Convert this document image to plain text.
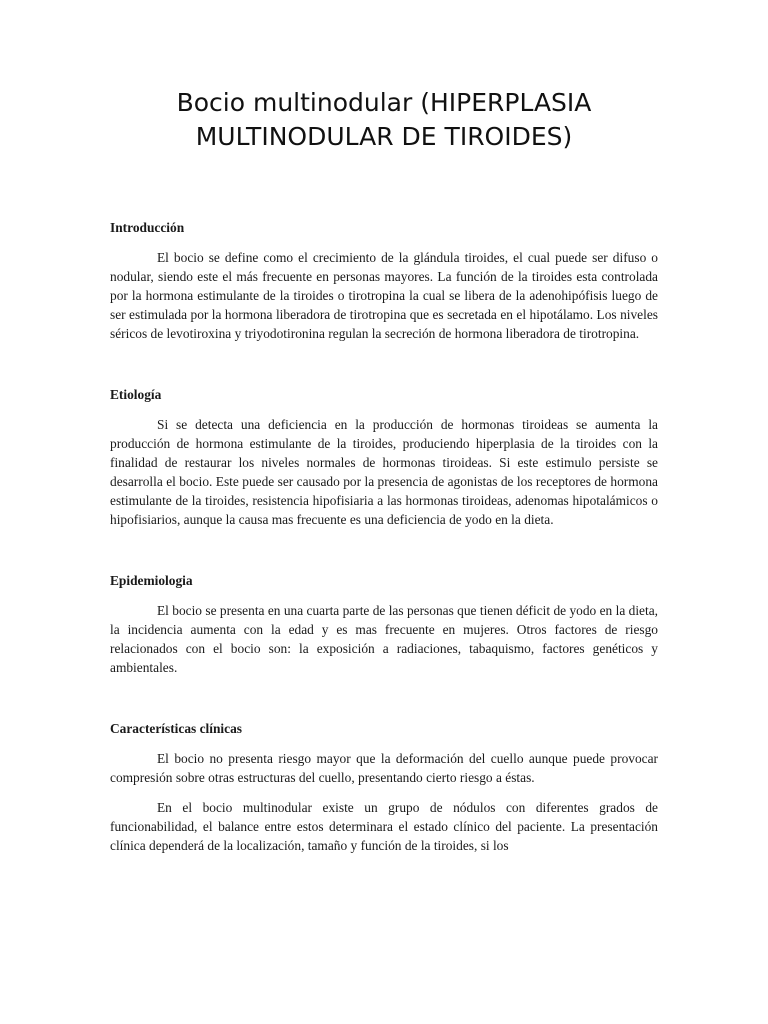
Bocio multinodular (HIPERPLASIA
MULTINODULAR DE TIROIDES)

Introducción

El bocio se define como el crecimiento de la glándula tiroides, el cual puede ser difuso o nodular, siendo este el más frecuente en personas mayores. La función de la tiroides esta controlada por la hormona estimulante de la tiroides o tirotropina la cual se libera de la adenohipófisis luego de ser estimulada por la hormona liberadora de tirotropina que es secretada en el hipotálamo. Los niveles séricos de levotiroxina y triyodotironina regulan la secreción de hormona liberadora de tirotropina.

Etiología

Si se detecta una deficiencia en la producción de hormonas tiroideas se aumenta la producción de hormona estimulante de la tiroides, produciendo hiperplasia de la tiroides con la finalidad de restaurar los niveles normales de hormonas tiroideas. Si este estimulo persiste se desarrolla el bocio. Este puede ser causado por la presencia de agonistas de los receptores de hormona estimulante de la tiroides, resistencia hipofisiaria a las hormonas tiroideas, adenomas hipotalámicos o hipofisiarios, aunque la causa mas frecuente es una deficiencia de yodo en la dieta.

Epidemiologia

El bocio se presenta en una cuarta parte de las personas que tienen déficit de yodo en la dieta, la incidencia aumenta con la edad y es mas frecuente en mujeres. Otros factores de riesgo relacionados con el bocio son: la exposición a radiaciones, tabaquismo, factores genéticos y ambientales.

Características clínicas

El bocio no presenta riesgo mayor que la deformación del cuello aunque puede provocar compresión sobre otras estructuras del cuello, presentando cierto riesgo a éstas.

En el bocio multinodular existe un grupo de nódulos con diferentes grados de funcionabilidad, el balance entre estos determinara el estado clínico del paciente. La presentación clínica dependerá de la localización, tamaño y función de la tiroides, si los
